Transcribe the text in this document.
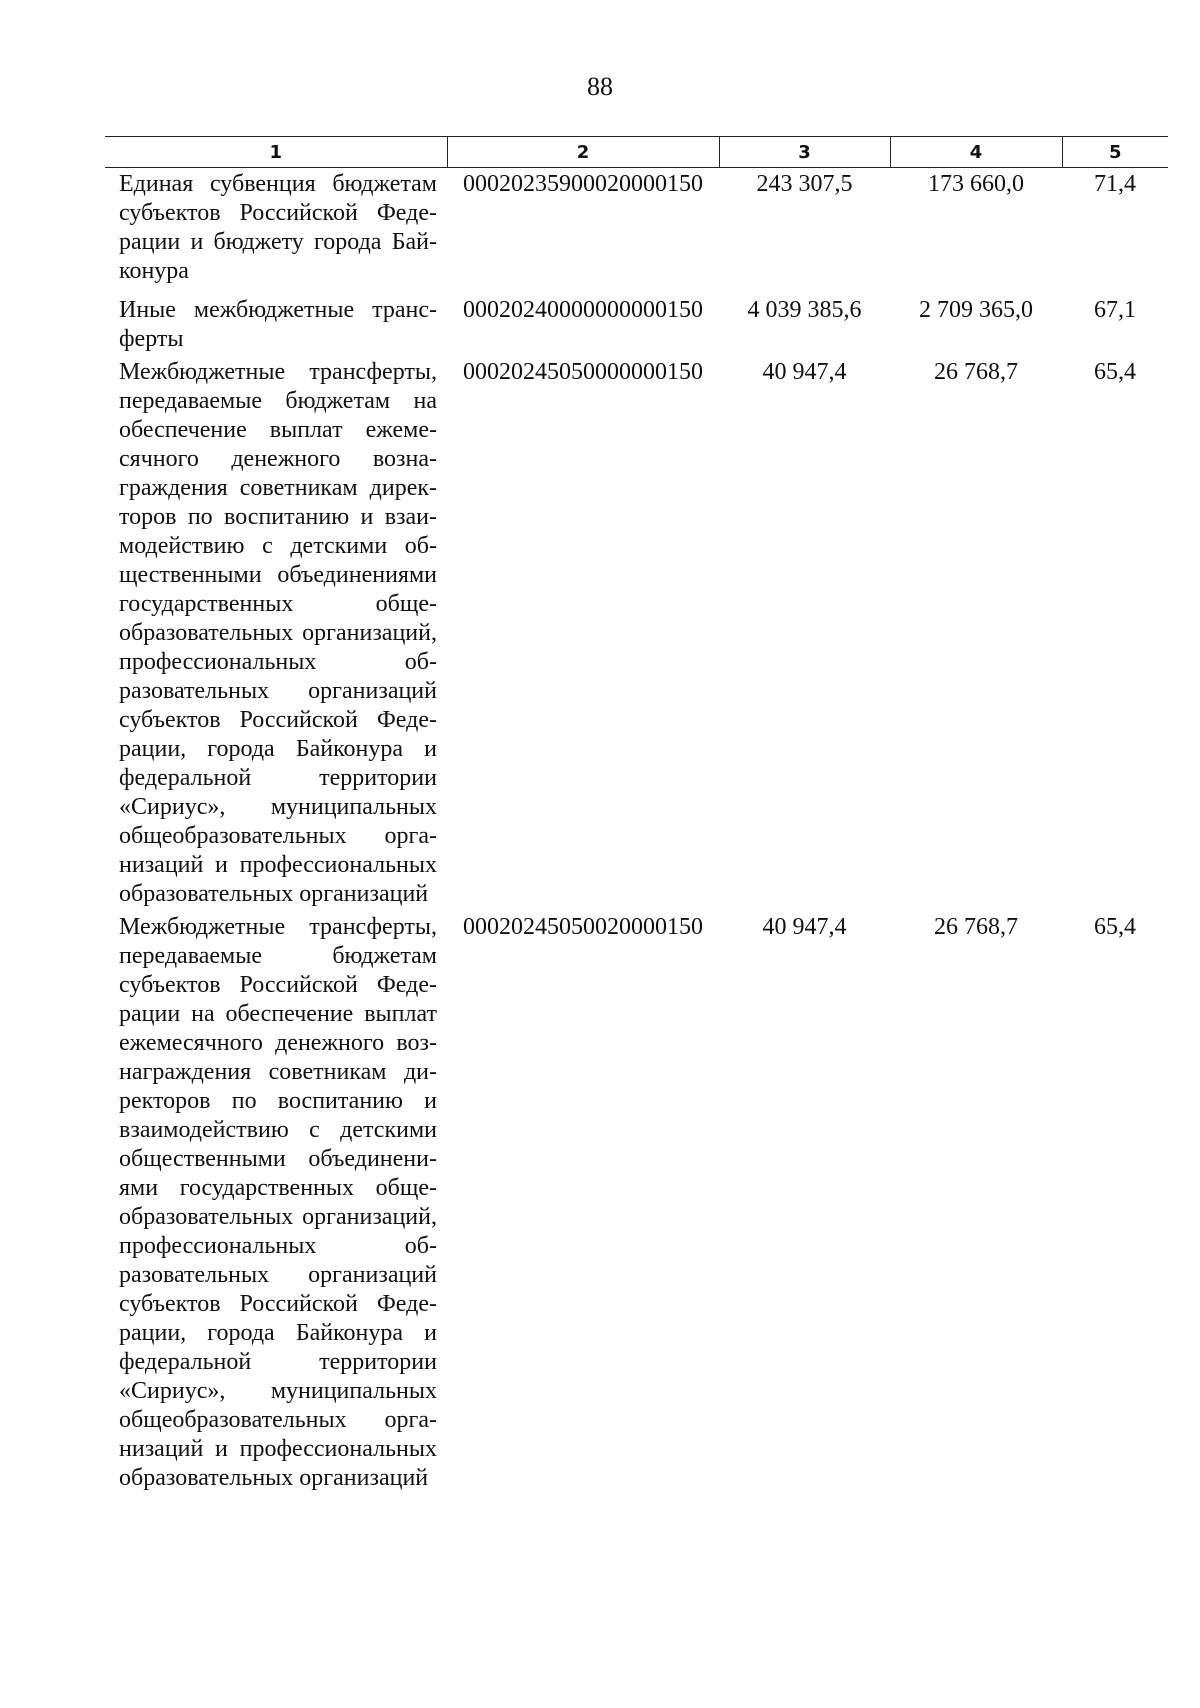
88
1	2	3	4	5
Единая субвенция бюджетам субъектов Российской Федерации и бюджету города Байконура	00020235900020000150	243 307,5	173 660,0	71,4
Иные межбюджетные трансферты	00020240000000000150	4 039 385,6	2 709 365,0	67,1
Межбюджетные трансферты, передаваемые бюджетам на обеспечение выплат ежемесячного денежного вознаграждения советникам директоров по воспитанию и взаимодействию с детскими общественными объединениями государственных общеобразовательных организаций, профессиональных образовательных организаций субъектов Российской Федерации, города Байконура и федеральной территории «Сириус», муниципальных общеобразовательных организаций и профессиональных образовательных организаций	00020245050000000150	40 947,4	26 768,7	65,4
Межбюджетные трансферты, передаваемые бюджетам субъектов Российской Федерации на обеспечение выплат ежемесячного денежного вознаграждения советникам директоров по воспитанию и взаимодействию с детскими общественными объединениями государственных общеобразовательных организаций, профессиональных образовательных организаций субъектов Российской Федерации, города Байконура и федеральной территории «Сириус», муниципальных общеобразовательных организаций и профессиональных образовательных организаций	00020245050020000150	40 947,4	26 768,7	65,4
